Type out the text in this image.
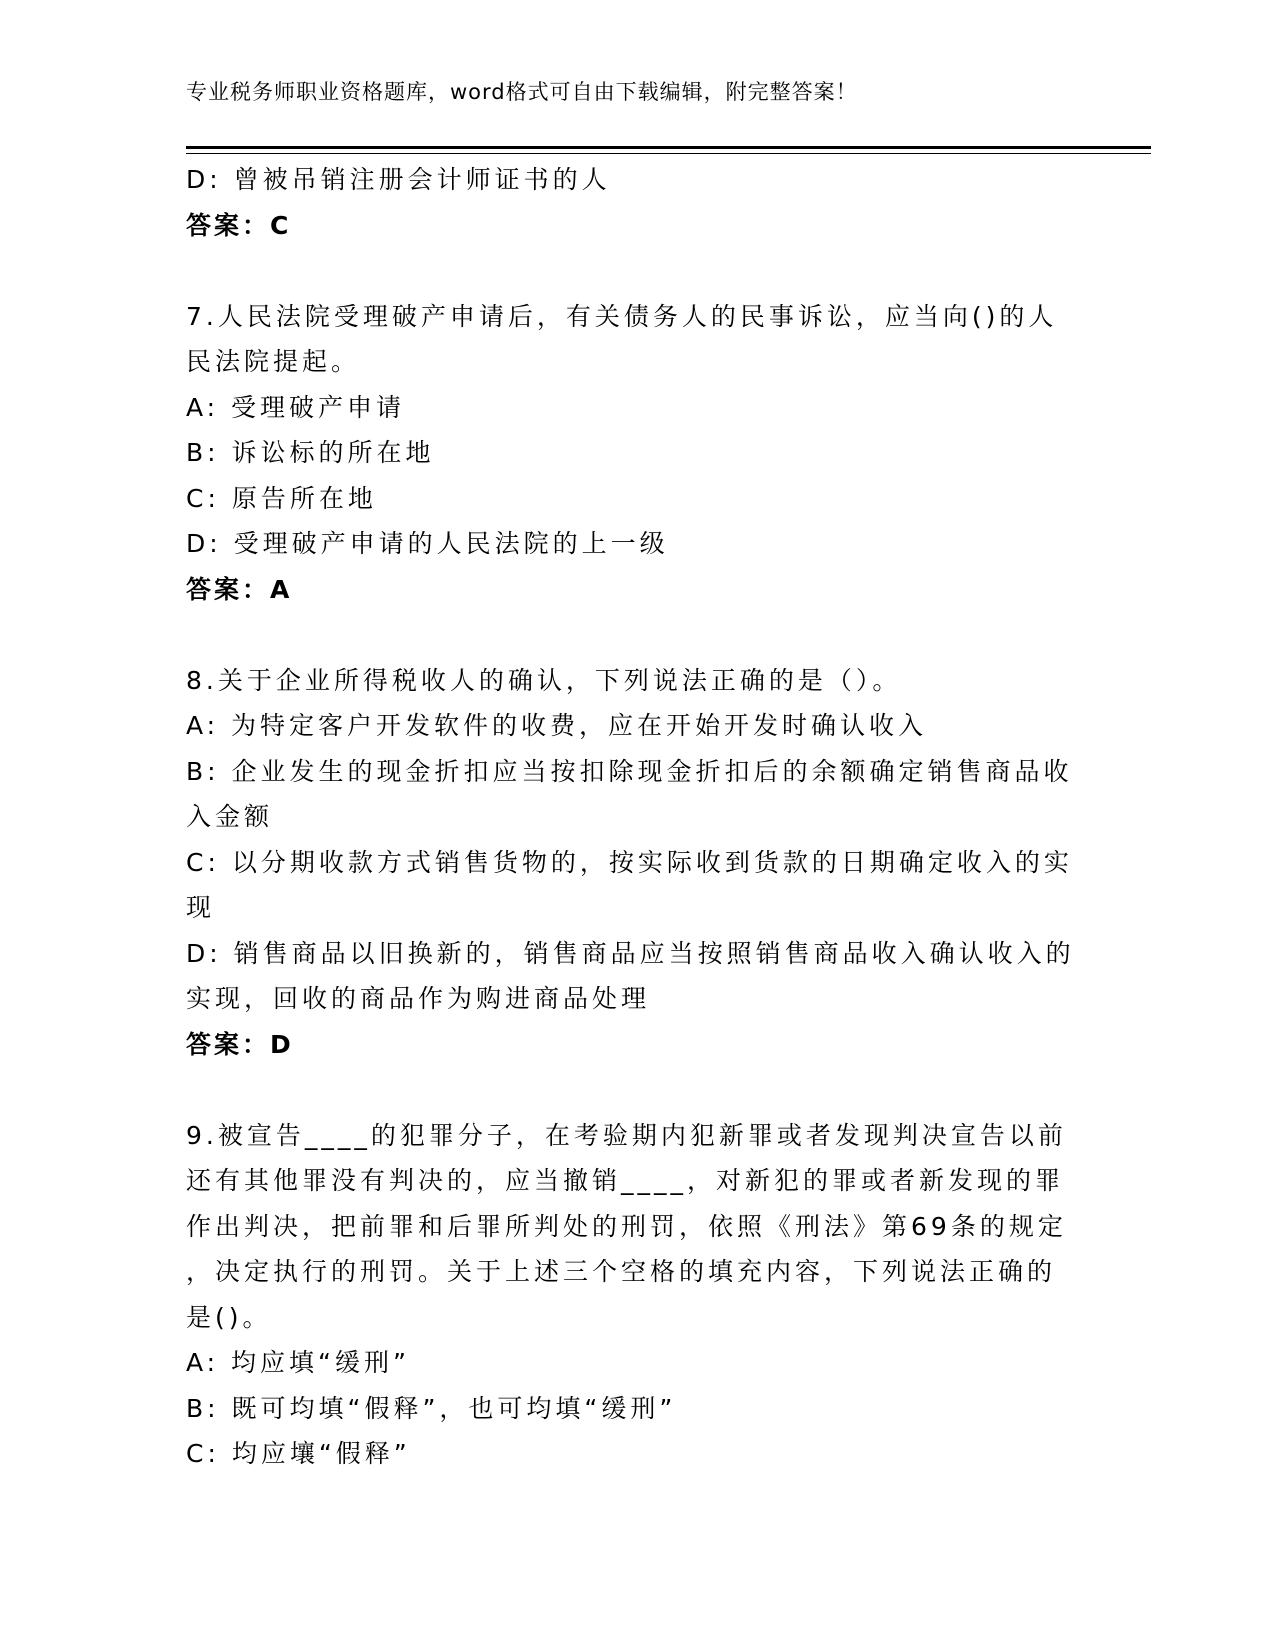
专业税务师职业资格题库，word格式可自由下载编辑，附完整答案！
D: 曾被吊销注册会计师证书的人
答案：C
7.人民法院受理破产申请后，有关债务人的民事诉讼，应当向()的人
民法院提起。
A: 受理破产申请
B: 诉讼标的所在地
C: 原告所在地
D: 受理破产申请的人民法院的上一级
答案：A
8.关于企业所得税收人的确认，下列说法正确的是（）。
A: 为特定客户开发软件的收费，应在开始开发时确认收入
B: 企业发生的现金折扣应当按扣除现金折扣后的余额确定销售商品收
入金额
C: 以分期收款方式销售货物的，按实际收到货款的日期确定收入的实
现
D: 销售商品以旧换新的，销售商品应当按照销售商品收入确认收入的
实现，回收的商品作为购进商品处理
答案：D
9.被宣告____的犯罪分子，在考验期内犯新罪或者发现判决宣告以前
还有其他罪没有判决的，应当撤销____，对新犯的罪或者新发现的罪
作出判决，把前罪和后罪所判处的刑罚，依照《刑法》第69条的规定
，决定执行的刑罚。关于上述三个空格的填充内容，下列说法正确的
是()。
A: 均应填“缓刑”
B: 既可均填“假释”，也可均填“缓刑”
C: 均应壤“假释”
